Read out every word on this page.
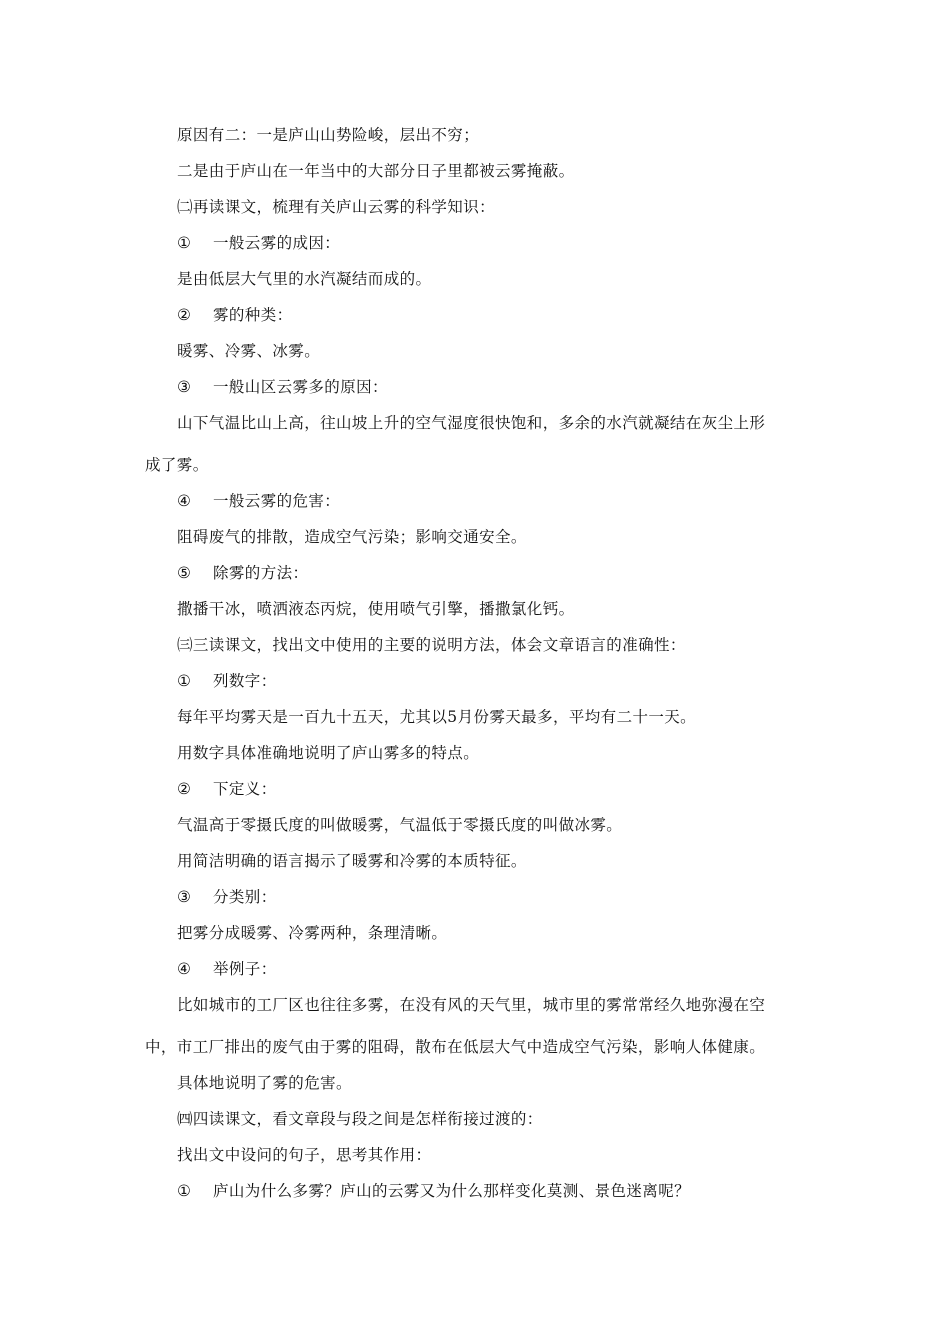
原因有二：一是庐山山势险峻，层出不穷；
二是由于庐山在一年当中的大部分日子里都被云雾掩蔽。
㈡再读课文，梳理有关庐山云雾的科学知识：
① 一般云雾的成因：
是由低层大气里的水汽凝结而成的。
② 雾的种类：
暖雾、冷雾、冰雾。
③ 一般山区云雾多的原因：
山下气温比山上高，往山坡上升的空气湿度很快饱和，多余的水汽就凝结在灰尘上形
成了雾。
④ 一般云雾的危害：
阻碍废气的排散，造成空气污染；影响交通安全。
⑤ 除雾的方法：
撒播干冰，喷洒液态丙烷，使用喷气引擎，播撒氯化钙。
㈢三读课文，找出文中使用的主要的说明方法，体会文章语言的准确性：
① 列数字：
每年平均雾天是一百九十五天，尤其以5月份雾天最多，平均有二十一天。
用数字具体准确地说明了庐山雾多的特点。
② 下定义：
气温高于零摄氏度的叫做暖雾，气温低于零摄氏度的叫做冰雾。
用简洁明确的语言揭示了暖雾和冷雾的本质特征。
③ 分类别：
把雾分成暖雾、冷雾两种，条理清晰。
④ 举例子：
比如城市的工厂区也往往多雾，在没有风的天气里，城市里的雾常常经久地弥漫在空
中，市工厂排出的废气由于雾的阻碍，散布在低层大气中造成空气污染，影响人体健康。
具体地说明了雾的危害。
㈣四读课文，看文章段与段之间是怎样衔接过渡的：
找出文中设问的句子，思考其作用：
① 庐山为什么多雾？庐山的云雾又为什么那样变化莫测、景色迷离呢？
